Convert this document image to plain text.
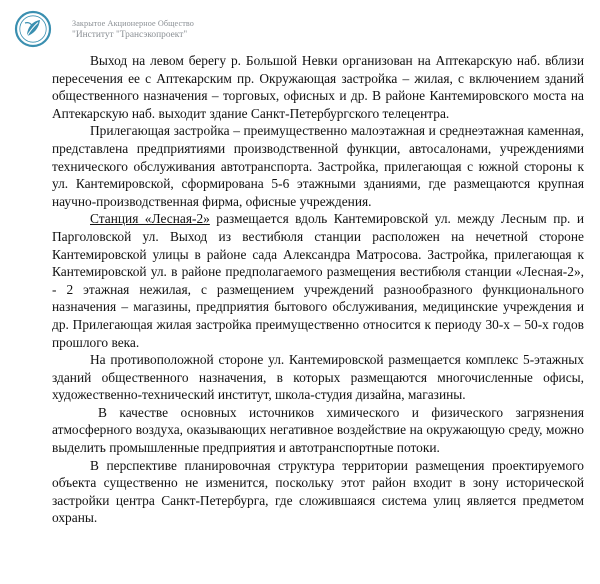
Закрытое Акционерное Общество
"Институт "Трансэкопроект"

Выход на левом берегу р. Большой Невки организован на Аптекарскую наб. вблизи пересечения ее с Аптекарским пр. Окружающая застройка – жилая, с включением зданий общественного назначения – торговых, офисных и др. В районе Кантемировского моста на Аптекарскую наб. выходит здание Санкт-Петербургского телецентра.

Прилегающая застройка – преимущественно малоэтажная и среднеэтажная каменная, представлена предприятиями производственной функции, автосалонами, учреждениями технического обслуживания автотранспорта. Застройка, прилегающая с южной стороны к ул. Кантемировской, сформирована 5-6 этажными зданиями, где размещаются крупная научно-производственная фирма, офисные учреждения.

Станция «Лесная-2» размещается вдоль Кантемировской ул. между Лесным пр. и Парголовской ул. Выход из вестибюля станции расположен на нечетной стороне Кантемировской улицы в районе сада Александра Матросова. Застройка, прилегающая к Кантемировской ул. в районе предполагаемого размещения вестибюля станции «Лесная-2», - 2 этажная нежилая, с размещением учреждений разнообразного функционального назначения – магазины, предприятия бытового обслуживания, медицинские учреждения и др. Прилегающая жилая застройка преимущественно относится к периоду 30-х – 50-х годов прошлого века.

На противоположной стороне ул. Кантемировской размещается комплекс 5-этажных зданий общественного назначения, в которых размещаются многочисленные офисы, художественно-технический институт, школа-студия дизайна, магазины.

В качестве основных источников химического и физического загрязнения атмосферного воздуха, оказывающих негативное воздействие на окружающую среду, можно выделить промышленные предприятия и автотранспортные потоки.

В перспективе планировочная структура территории размещения проектируемого объекта существенно не изменится, поскольку этот район входит в зону исторической застройки центра Санкт-Петербурга, где сложившаяся система улиц является предметом охраны.
